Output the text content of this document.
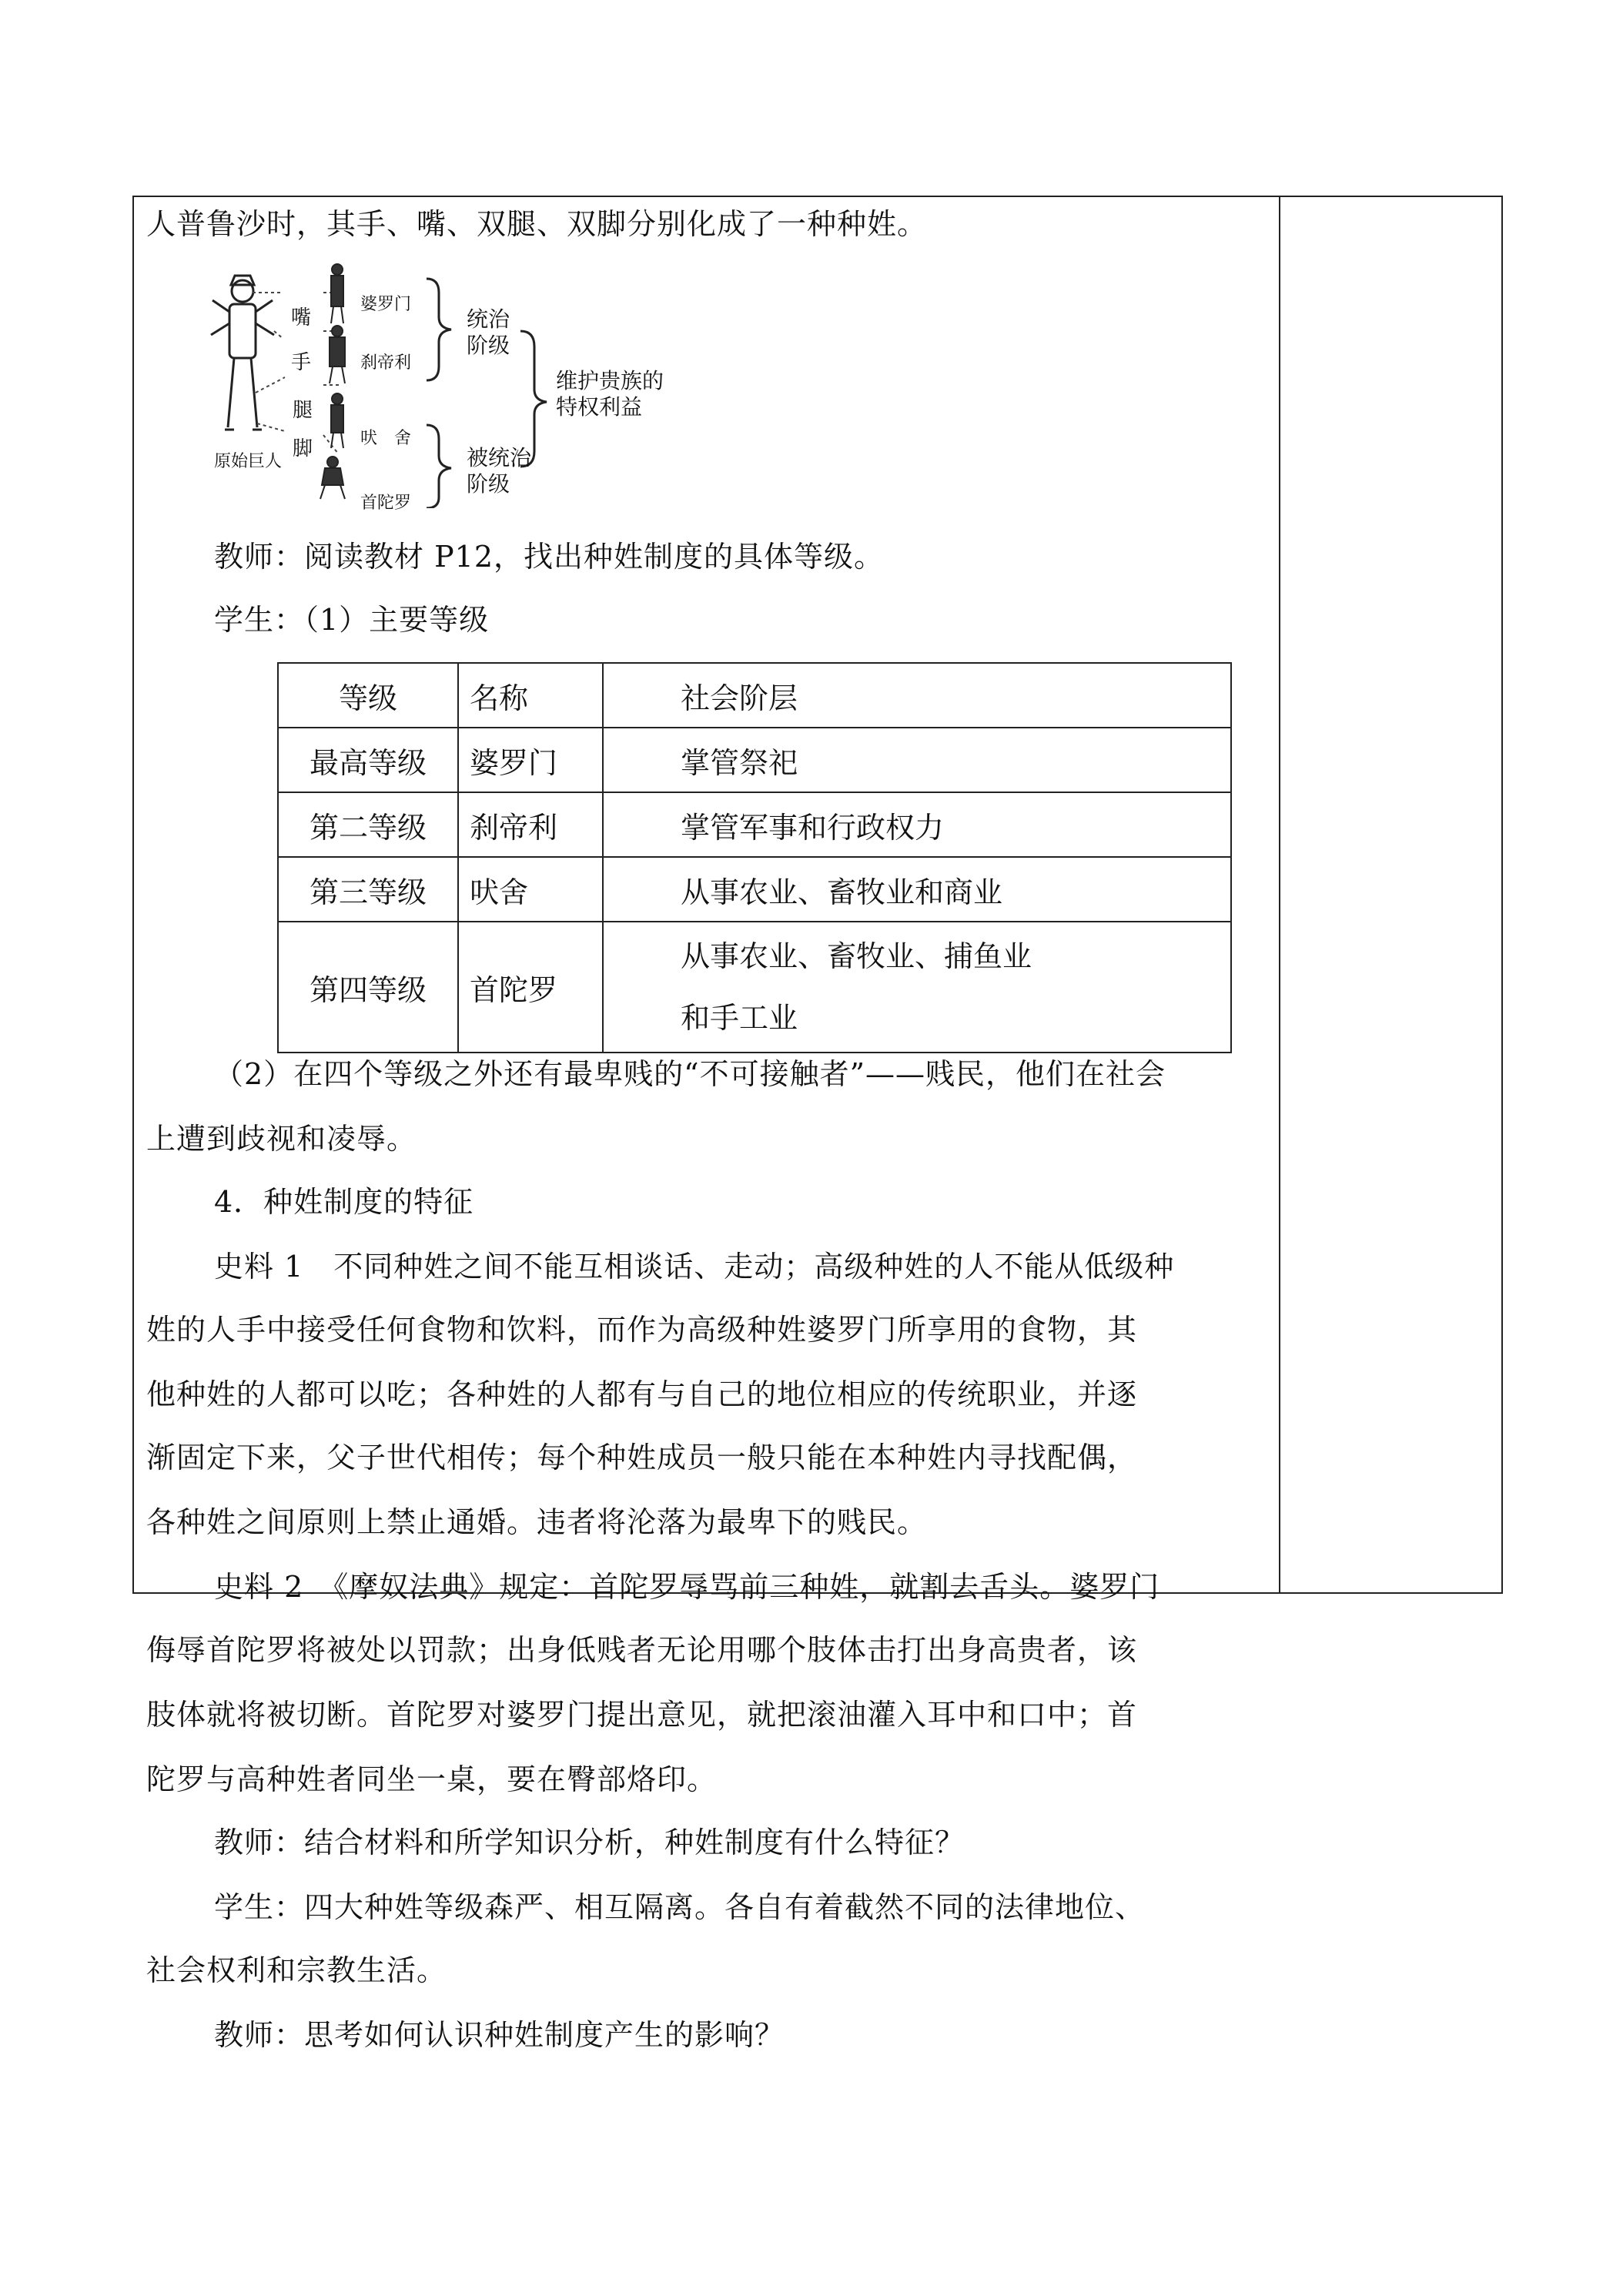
人普鲁沙时，其手、嘴、双腿、双脚分别化成了一种种姓。
嘴
手
腿
脚
原始巨人
婆罗门
刹帝利
吠　舍
首陀罗
统治
阶级
被统治
阶级
维护贵族的
特权利益
教师：阅读教材 P12，找出种姓制度的具体等级。
学生：（1）主要等级
等级	名称	社会阶层
最高等级	婆罗门	掌管祭祀
第二等级	刹帝利	掌管军事和行政权力
第三等级	吠舍	从事农业、畜牧业和商业
第四等级	首陀罗	从事农业、畜牧业、捕鱼业
和手工业
（2）在四个等级之外还有最卑贱的“不可接触者”——贱民，他们在社会
上遭到歧视和凌辱。
4．种姓制度的特征
史料 1　不同种姓之间不能互相谈话、走动；高级种姓的人不能从低级种
姓的人手中接受任何食物和饮料，而作为高级种姓婆罗门所享用的食物，其
他种姓的人都可以吃；各种姓的人都有与自己的地位相应的传统职业，并逐
渐固定下来，父子世代相传；每个种姓成员一般只能在本种姓内寻找配偶，
各种姓之间原则上禁止通婚。违者将沦落为最卑下的贱民。
史料 2　《摩奴法典》规定：首陀罗辱骂前三种姓，就割去舌头。婆罗门
侮辱首陀罗将被处以罚款；出身低贱者无论用哪个肢体击打出身高贵者，该
肢体就将被切断。首陀罗对婆罗门提出意见，就把滚油灌入耳中和口中；首
陀罗与高种姓者同坐一桌，要在臀部烙印。
教师：结合材料和所学知识分析，种姓制度有什么特征？
学生：四大种姓等级森严、相互隔离。各自有着截然不同的法律地位、
社会权利和宗教生活。
教师：思考如何认识种姓制度产生的影响？
